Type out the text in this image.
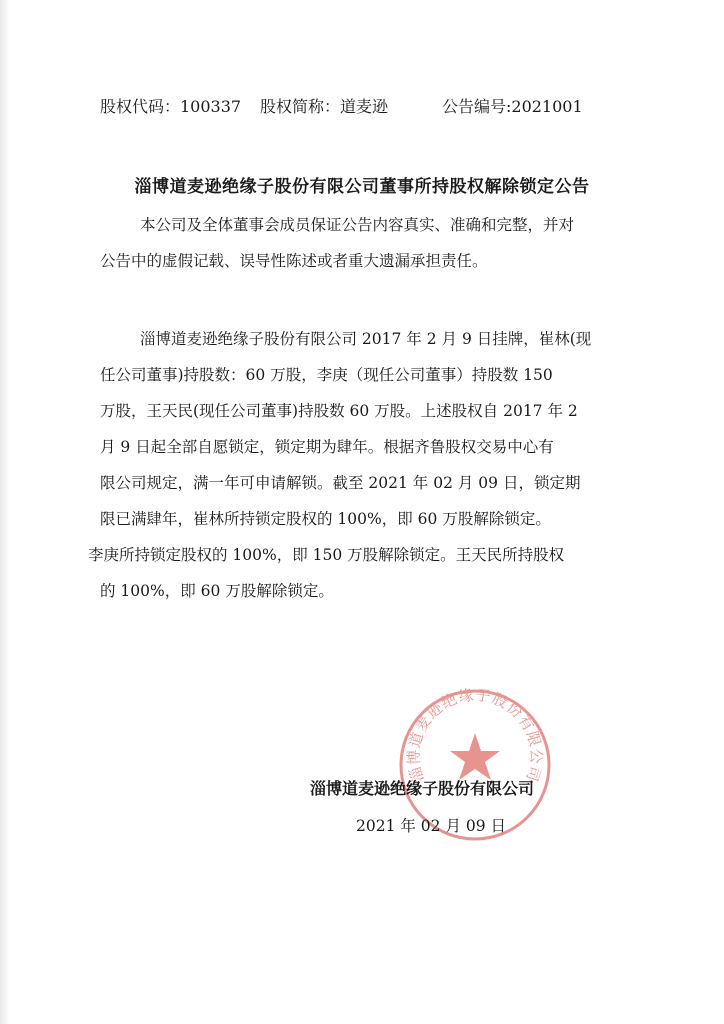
股权代码：100337 股权简称：道麦逊	公告编号:2021001
淄博道麦逊绝缘子股份有限公司董事所持股权解除锁定公告
本公司及全体董事会成员保证公告内容真实、准确和完整，并对
公告中的虚假记载、误导性陈述或者重大遗漏承担责任。
淄博道麦逊绝缘子股份有限公司 2017 年 2 月 9 日挂牌，崔林(现
任公司董事)持股数：60 万股，李庚（现任公司董事）持股数 150
万股，王天民(现任公司董事)持股数 60 万股。上述股权自 2017 年 2
月 9 日起全部自愿锁定，锁定期为肆年。根据齐鲁股权交易中心有
限公司规定，满一年可申请解锁。截至 2021 年 02 月 09 日，锁定期
限已满肆年，崔林所持锁定股权的 100%，即 60 万股解除锁定。
李庚所持锁定股权的 100%，即 150 万股解除锁定。王天民所持股权
的 100%，即 60 万股解除锁定。
淄博道麦逊绝缘子股份有限公司
淄博道麦逊绝缘子股份有限公司
2021 年 02 月 09 日
